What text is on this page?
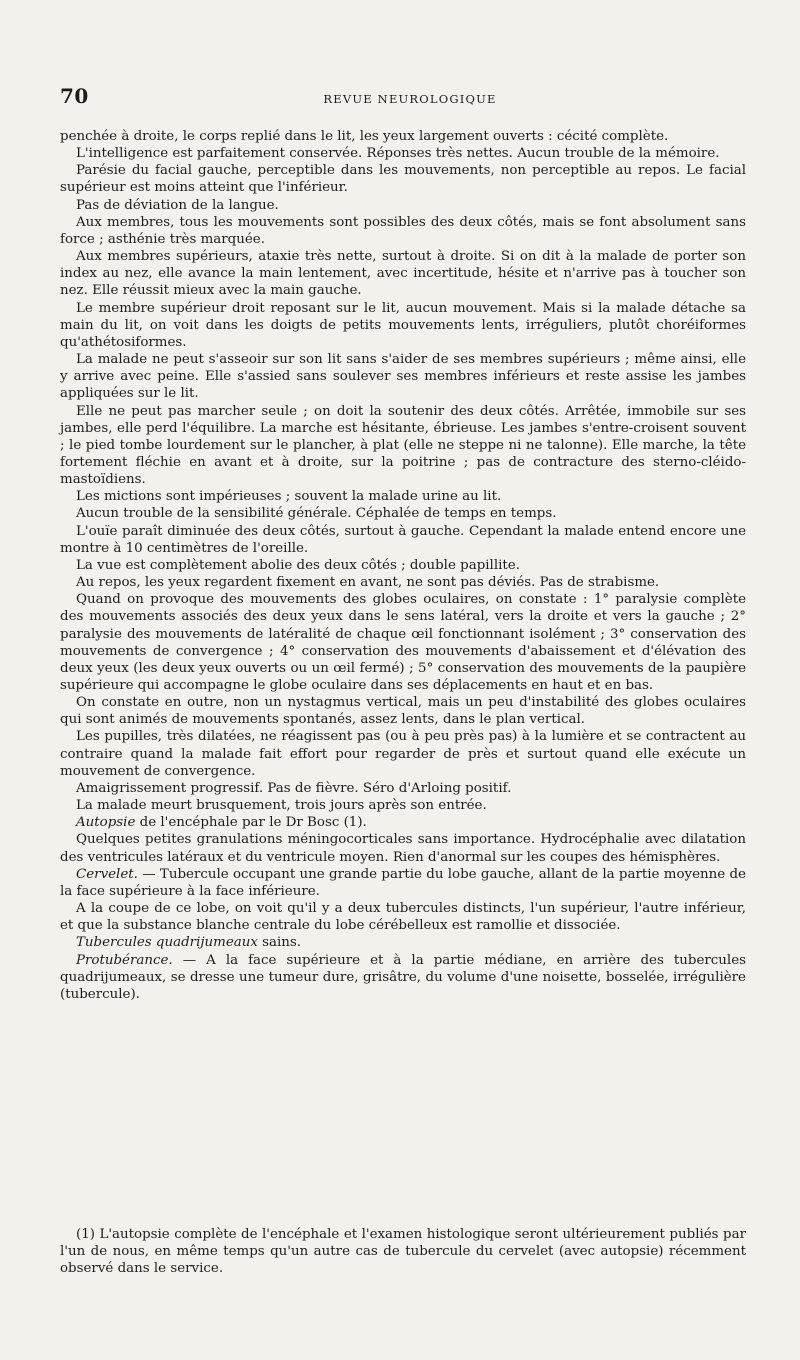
70	REVUE NEUROLOGIQUE

penchée à droite, le corps replié dans le lit, les yeux largement ouverts : cécité complète.

L'intelligence est parfaitement conservée. Réponses très nettes. Aucun trouble de la mémoire.

Parésie du facial gauche, perceptible dans les mouvements, non perceptible au repos. Le facial supérieur est moins atteint que l'inférieur.

Pas de déviation de la langue.

Aux membres, tous les mouvements sont possibles des deux côtés, mais se font absolument sans force ; asthénie très marquée.

Aux membres supérieurs, ataxie très nette, surtout à droite. Si on dit à la malade de porter son index au nez, elle avance la main lentement, avec incertitude, hésite et n'arrive pas à toucher son nez. Elle réussit mieux avec la main gauche.

Le membre supérieur droit reposant sur le lit, aucun mouvement. Mais si la malade détache sa main du lit, on voit dans les doigts de petits mouvements lents, irréguliers, plutôt choréiformes qu'athétosiformes.

La malade ne peut s'asseoir sur son lit sans s'aider de ses membres supérieurs ; même ainsi, elle y arrive avec peine. Elle s'assied sans soulever ses membres inférieurs et reste assise les jambes appliquées sur le lit.

Elle ne peut pas marcher seule ; on doit la soutenir des deux côtés. Arrêtée, immobile sur ses jambes, elle perd l'équilibre. La marche est hésitante, ébrieuse. Les jambes s'entre-croisent souvent ; le pied tombe lourdement sur le plancher, à plat (elle ne steppe ni ne talonne). Elle marche, la tête fortement fléchie en avant et à droite, sur la poitrine ; pas de contracture des sterno-cléido-mastoïdiens.

Les mictions sont impérieuses ; souvent la malade urine au lit.

Aucun trouble de la sensibilité générale. Céphalée de temps en temps.

L'ouïe paraît diminuée des deux côtés, surtout à gauche. Cependant la malade entend encore une montre à 10 centimètres de l'oreille.

La vue est complètement abolie des deux côtés ; double papillite.

Au repos, les yeux regardent fixement en avant, ne sont pas déviés. Pas de strabisme.

Quand on provoque des mouvements des globes oculaires, on constate : 1° paralysie complète des mouvements associés des deux yeux dans le sens latéral, vers la droite et vers la gauche ; 2° paralysie des mouvements de latéralité de chaque œil fonctionnant isolément ; 3° conservation des mouvements de convergence ; 4° conservation des mouvements d'abaissement et d'élévation des deux yeux (les deux yeux ouverts ou un œil fermé) ; 5° conservation des mouvements de la paupière supérieure qui accompagne le globe oculaire dans ses déplacements en haut et en bas.

On constate en outre, non un nystagmus vertical, mais un peu d'instabilité des globes oculaires qui sont animés de mouvements spontanés, assez lents, dans le plan vertical.

Les pupilles, très dilatées, ne réagissent pas (ou à peu près pas) à la lumière et se contractent au contraire quand la malade fait effort pour regarder de près et surtout quand elle exécute un mouvement de convergence.

Amaigrissement progressif. Pas de fièvre. Séro d'Arloing positif.

La malade meurt brusquement, trois jours après son entrée.

Autopsie de l'encéphale par le Dr Bosc (1).

Quelques petites granulations méningocorticales sans importance. Hydrocéphalie avec dilatation des ventricules latéraux et du ventricule moyen. Rien d'anormal sur les coupes des hémisphères.

Cervelet. — Tubercule occupant une grande partie du lobe gauche, allant de la partie moyenne de la face supérieure à la face inférieure.

A la coupe de ce lobe, on voit qu'il y a deux tubercules distincts, l'un supérieur, l'autre inférieur, et que la substance blanche centrale du lobe cérébelleux est ramollie et dissociée.

Tubercules quadrijumeaux sains.

Protubérance. — A la face supérieure et à la partie médiane, en arrière des tubercules quadrijumeaux, se dresse une tumeur dure, grisâtre, du volume d'une noisette, bosselée, irrégulière (tubercule).

(1) L'autopsie complète de l'encéphale et l'examen histologique seront ultérieurement publiés par l'un de nous, en même temps qu'un autre cas de tubercule du cervelet (avec autopsie) récemment observé dans le service.
